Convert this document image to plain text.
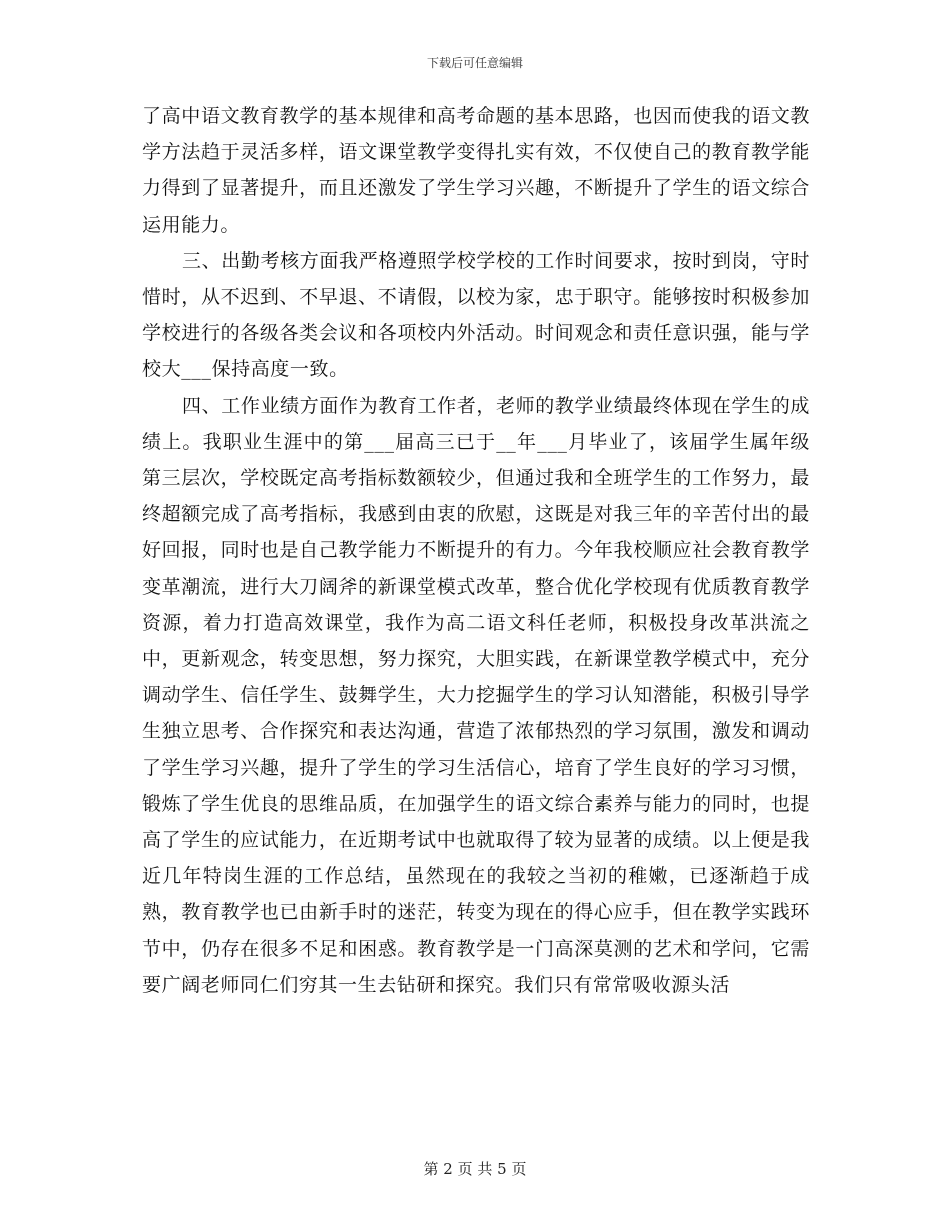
下载后可任意编辑

了高中语文教育教学的基本规律和高考命题的基本思路，也因而使我的语文教学方法趋于灵活多样，语文课堂教学变得扎实有效，不仅使自己的教育教学能力得到了显著提升，而且还激发了学生学习兴趣，不断提升了学生的语文综合运用能力。

三、出勤考核方面我严格遵照学校学校的工作时间要求，按时到岗，守时惜时，从不迟到、不早退、不请假，以校为家，忠于职守。能够按时积极参加学校进行的各级各类会议和各项校内外活动。时间观念和责任意识强，能与学校大___保持高度一致。

四、工作业绩方面作为教育工作者，老师的教学业绩最终体现在学生的成绩上。我职业生涯中的第___届高三已于__年___月毕业了，该届学生属年级第三层次，学校既定高考指标数额较少，但通过我和全班学生的工作努力，最终超额完成了高考指标，我感到由衷的欣慰，这既是对我三年的辛苦付出的最好回报，同时也是自己教学能力不断提升的有力。今年我校顺应社会教育教学变革潮流，进行大刀阔斧的新课堂模式改革，整合优化学校现有优质教育教学资源，着力打造高效课堂，我作为高二语文科任老师，积极投身改革洪流之中，更新观念，转变思想，努力探究，大胆实践，在新课堂教学模式中，充分调动学生、信任学生、鼓舞学生，大力挖掘学生的学习认知潜能，积极引导学生独立思考、合作探究和表达沟通，营造了浓郁热烈的学习氛围，激发和调动了学生学习兴趣，提升了学生的学习生活信心，培育了学生良好的学习习惯，锻炼了学生优良的思维品质，在加强学生的语文综合素养与能力的同时，也提高了学生的应试能力，在近期考试中也就取得了较为显著的成绩。以上便是我近几年特岗生涯的工作总结，虽然现在的我较之当初的稚嫩，已逐渐趋于成熟，教育教学也已由新手时的迷茫，转变为现在的得心应手，但在教学实践环节中，仍存在很多不足和困惑。教育教学是一门高深莫测的艺术和学问，它需要广阔老师同仁们穷其一生去钻研和探究。我们只有常常吸收源头活

第 2 页 共 5 页
